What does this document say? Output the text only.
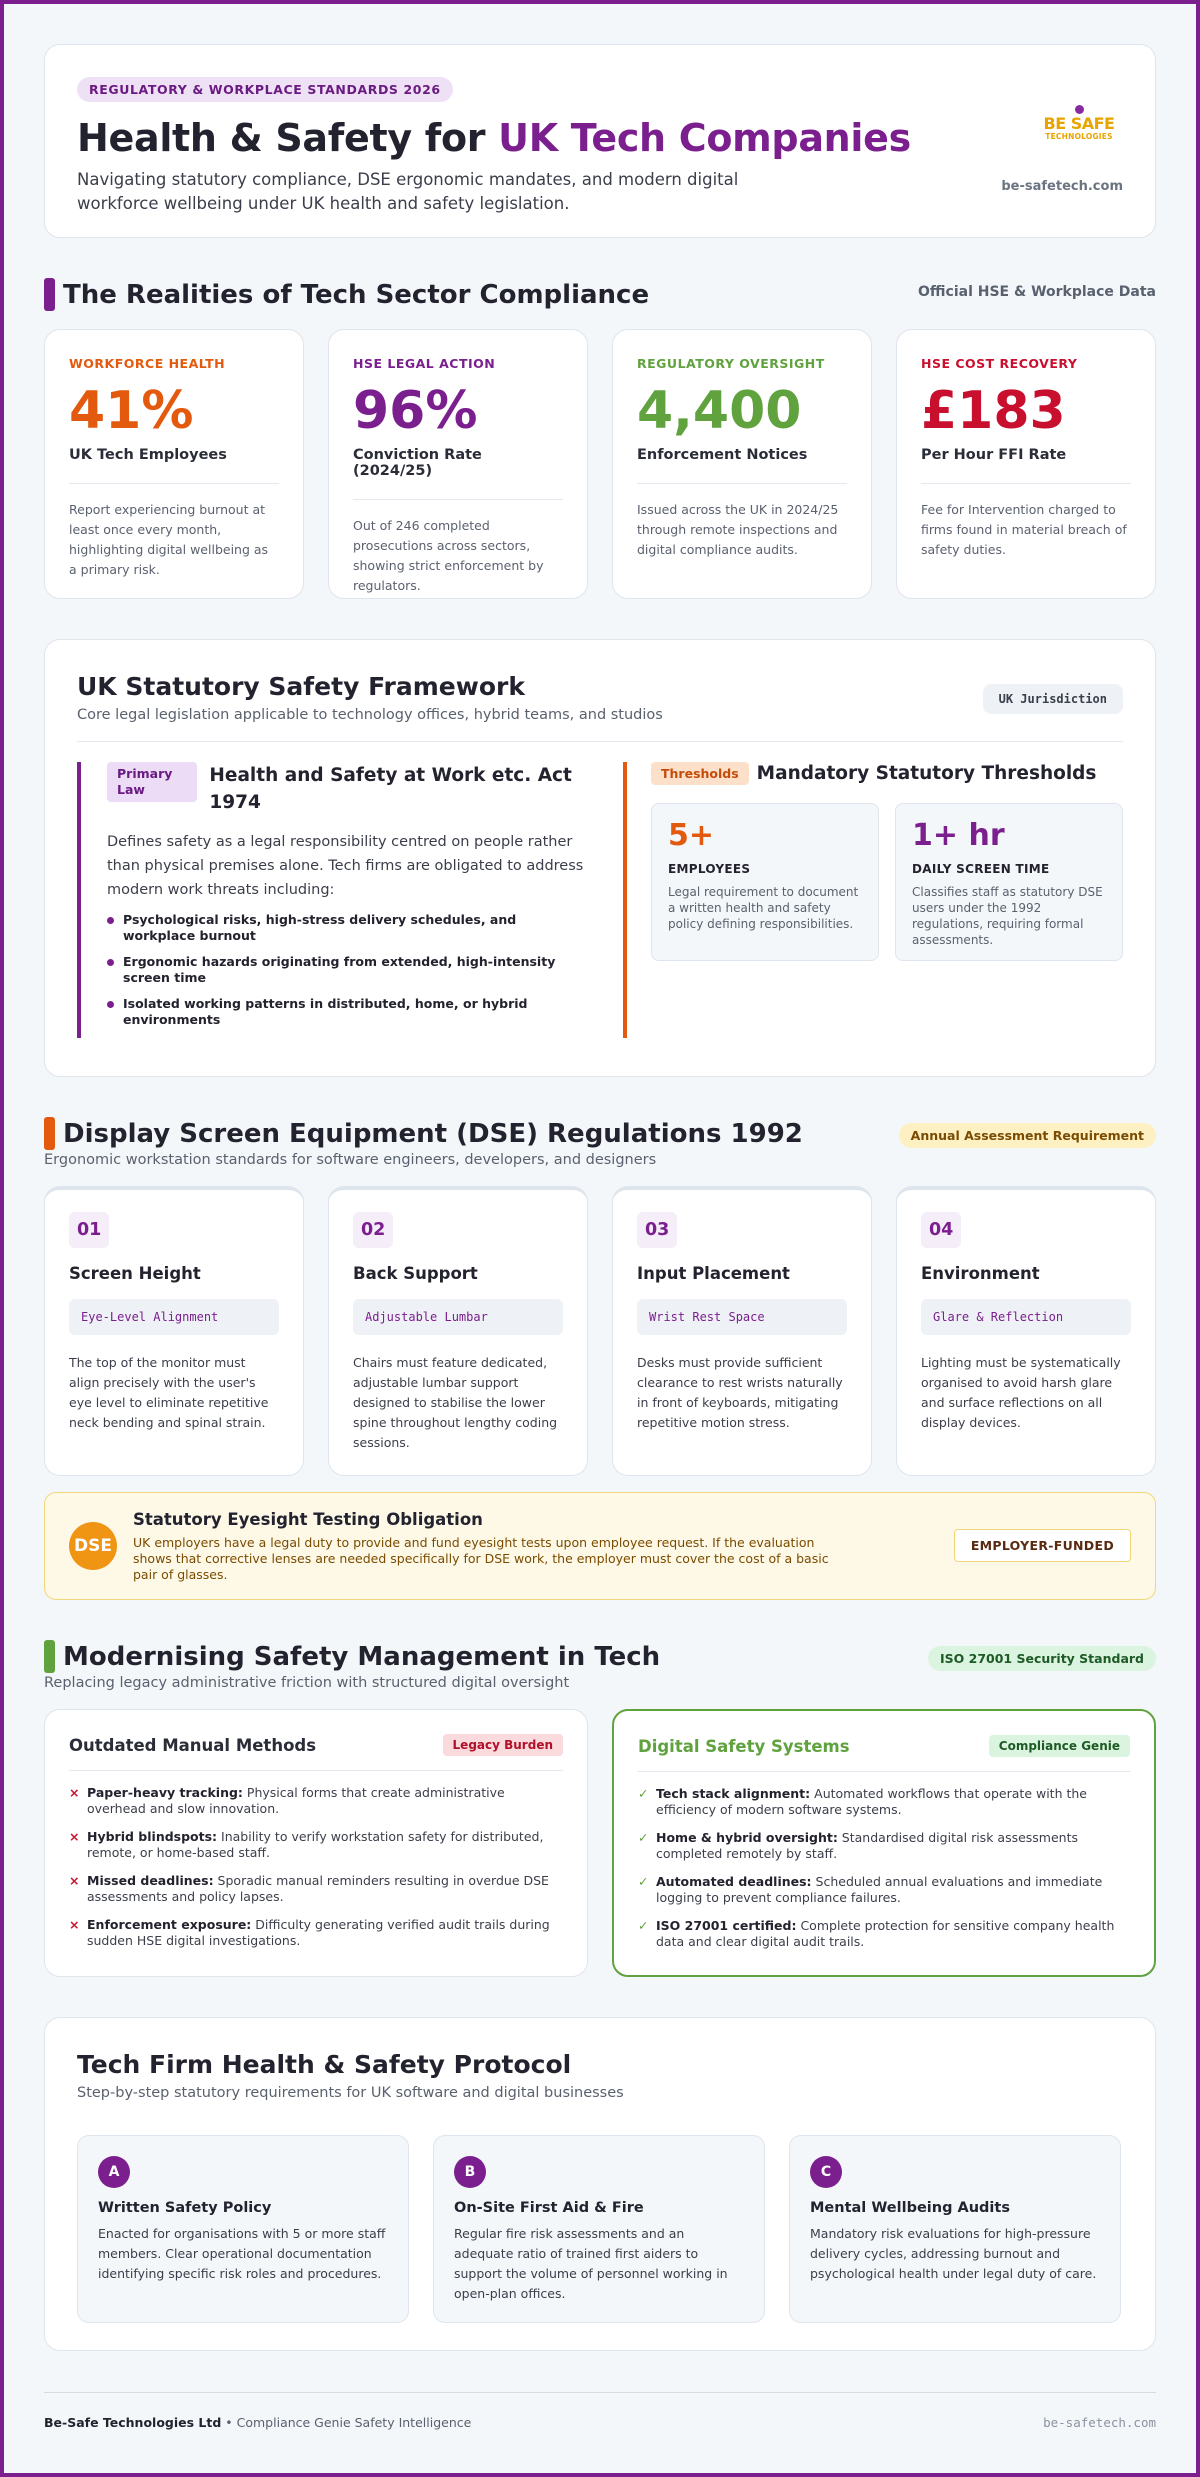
REGULATORY & WORKPLACE STANDARDS 2026
Health & Safety for UK Tech Companies
Navigating statutory compliance, DSE ergonomic mandates, and modern digital workforce wellbeing under UK health and safety legislation.
BE SAFE
TECHNOLOGIES
be-safetech.com
The Realities of Tech Sector Compliance	Official HSE & Workplace Data
WORKFORCE HEALTH
41%
UK Tech Employees
Report experiencing burnout at least once every month, highlighting digital wellbeing as a primary risk.
HSE LEGAL ACTION
96%
Conviction Rate (2024/25)
Out of 246 completed prosecutions across sectors, showing strict enforcement by regulators.
REGULATORY OVERSIGHT
4,400
Enforcement Notices
Issued across the UK in 2024/25 through remote inspections and digital compliance audits.
HSE COST RECOVERY
£183
Per Hour FFI Rate
Fee for Intervention charged to firms found in material breach of safety duties.
UK Statutory Safety Framework
Core legal legislation applicable to technology offices, hybrid teams, and studios
UK Jurisdiction
Primary Law
Health and Safety at Work etc. Act 1974
Defines safety as a legal responsibility centred on people rather than physical premises alone. Tech firms are obligated to address modern work threats including:
Psychological risks, high-stress delivery schedules, and workplace burnout
Ergonomic hazards originating from extended, high-intensity screen time
Isolated working patterns in distributed, home, or hybrid environments
Thresholds Mandatory Statutory Thresholds
5+
EMPLOYEES
Legal requirement to document a written health and safety policy defining responsibilities.
1+ hr
DAILY SCREEN TIME
Classifies staff as statutory DSE users under the 1992 regulations, requiring formal assessments.
Display Screen Equipment (DSE) Regulations 1992	Annual Assessment Requirement
Ergonomic workstation standards for software engineers, developers, and designers
01
Screen Height
Eye-Level Alignment
The top of the monitor must align precisely with the user's eye level to eliminate repetitive neck bending and spinal strain.
02
Back Support
Adjustable Lumbar
Chairs must feature dedicated, adjustable lumbar support designed to stabilise the lower spine throughout lengthy coding sessions.
03
Input Placement
Wrist Rest Space
Desks must provide sufficient clearance to rest wrists naturally in front of keyboards, mitigating repetitive motion stress.
04
Environment
Glare & Reflection
Lighting must be systematically organised to avoid harsh glare and surface reflections on all display devices.
DSE
Statutory Eyesight Testing Obligation
UK employers have a legal duty to provide and fund eyesight tests upon employee request. If the evaluation shows that corrective lenses are needed specifically for DSE work, the employer must cover the cost of a basic pair of glasses.
EMPLOYER-FUNDED
Modernising Safety Management in Tech	ISO 27001 Security Standard
Replacing legacy administrative friction with structured digital oversight
Outdated Manual Methods	Legacy Burden
× Paper-heavy tracking: Physical forms that create administrative overhead and slow innovation.
× Hybrid blindspots: Inability to verify workstation safety for distributed, remote, or home-based staff.
× Missed deadlines: Sporadic manual reminders resulting in overdue DSE assessments and policy lapses.
× Enforcement exposure: Difficulty generating verified audit trails during sudden HSE digital investigations.
Digital Safety Systems	Compliance Genie
✓ Tech stack alignment: Automated workflows that operate with the efficiency of modern software systems.
✓ Home & hybrid oversight: Standardised digital risk assessments completed remotely by staff.
✓ Automated deadlines: Scheduled annual evaluations and immediate logging to prevent compliance failures.
✓ ISO 27001 certified: Complete protection for sensitive company health data and clear digital audit trails.
Tech Firm Health & Safety Protocol
Step-by-step statutory requirements for UK software and digital businesses
A
Written Safety Policy
Enacted for organisations with 5 or more staff members. Clear operational documentation identifying specific risk roles and procedures.
B
On-Site First Aid & Fire
Regular fire risk assessments and an adequate ratio of trained first aiders to support the volume of personnel working in open-plan offices.
C
Mental Wellbeing Audits
Mandatory risk evaluations for high-pressure delivery cycles, addressing burnout and psychological health under legal duty of care.
Be-Safe Technologies Ltd • Compliance Genie Safety Intelligence	be-safetech.com
